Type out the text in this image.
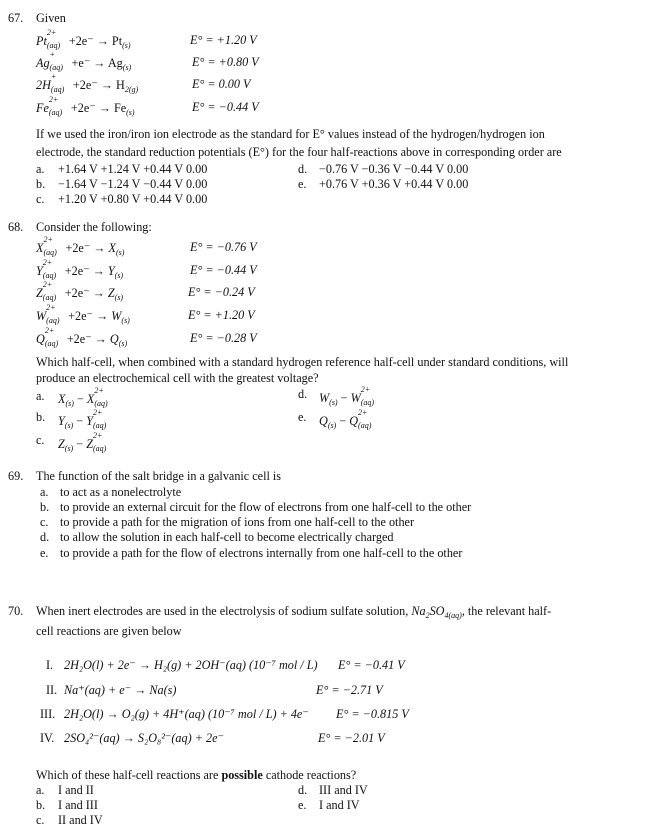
67. Given
Pt
2+
$(aq) +2e^- \to Pt_{(s)}$	E° = +1.20 V
Ag
+
$(aq) +e^- \to Ag_{(s)}$	E° = +0.80 V
2H
+
$(aq) +2e^- \to H_{2(g)}$	E° = 0.00 V
Fe
2+
$(aq) +2e^- \to Fe_{(s)}$	E° = −0.44 V
If we used the iron/iron ion electrode as the standard for E° values instead of the hydrogen/hydrogen ion
electrode, the standard reduction potentials (E°) for the four half-reactions above in corresponding order are
a. +1.64 V +1.24 V +0.44 V 0.00
b. −1.64 V −1.24 V −0.44 V 0.00
c. +1.20 V +0.80 V +0.44 V 0.00
d. −0.76 V −0.36 V −0.44 V 0.00
e. +0.76 V +0.36 V +0.44 V 0.00
68. Consider the following:
X
2+
$(aq) +2e^- \to X_{(s)}$	E° = −0.76 V
Y
2+
$(aq) +2e^- \to Y_{(s)}$	E° = −0.44 V
Z
2+
$(aq) +2e^- \to Z_{(s)}$	E° = −0.24 V
W
2+
$(aq) +2e^- \to W_{(s)}$	E° = +1.20 V
Q
2+
$(aq) +2e^- \to Q_{(s)}$	E° = −0.28 V
Which half-cell, when combined with a standard hydrogen reference half-cell under standard conditions, will
produce an electrochemical cell with the greatest voltage?
a. $X_{(s)} - X$
2+
(aq)
b. $Y_{(s)} - Y$
2+
(aq)
c. $Z_{(s)} - Z$
2+
(aq)
d. $W_{(s)} - W$
2+
(aq)
e. $Q_{(s)} - Q$
2+
(aq)
69. The function of the salt bridge in a galvanic cell is
a. to act as a nonelectrolyte
b. to provide an external circuit for the flow of electrons from one half-cell to the other
c. to provide a path for the migration of ions from one half-cell to the other
d. to allow the solution in each half-cell to become electrically charged
e. to provide a path for the flow of electrons internally from one half-cell to the other
70. When inert electrodes are used in the electrolysis of sodium sulfate solution, $Na_2SO_{4(aq)}$, the relevant half-
cell reactions are given below
I. 2H₂O(l) + 2e⁻ → H₂(g) + 2OH⁻(aq) (10⁻⁷ mol / L) E° = −0.41 V
II. Na⁺(aq) + e⁻ → Na(s)	E° = −2.71 V
III. 2H₂O(l) → O₂(g) + 4H⁺(aq) (10⁻⁷ mol / L) + 4e⁻ E° = −0.815 V
IV. 2SO₄²⁻(aq) → S₂O₈²⁻(aq) + 2e⁻	E° = −2.01 V
Which of these half-cell reactions are possible cathode reactions?
a. I and II
b. I and III
c. II and IV
d. III and IV
e. I and IV
